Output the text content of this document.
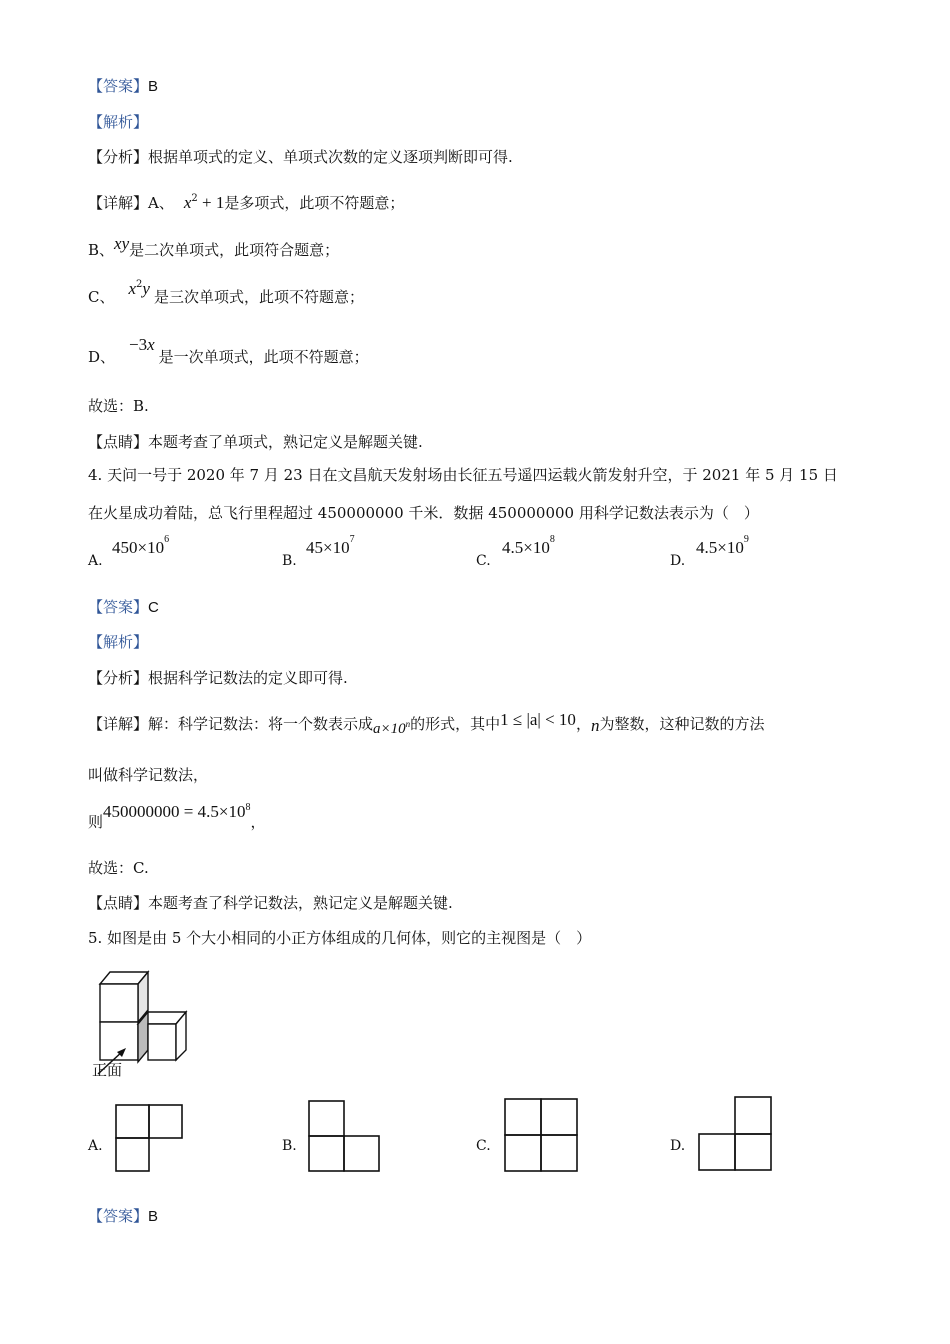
【答案】B
【解析】
【分析】根据单项式的定义、单项式次数的定义逐项判断即可得.
【详解】A、 $x^2 + 1$是多项式，此项不符题意；
B、xy是二次单项式，此项符合题意；
C、 $x^2y$ 是三次单项式，此项不符题意；
D、−3x是一次单项式，此项不符题意；
故选：B.
【点睛】本题考查了单项式，熟记定义是解题关键.
4. 天问一号于 2020 年 7 月 23 日在文昌航天发射场由长征五号遥四运载火箭发射升空，于 2021 年 5 月 15 日
在火星成功着陆，总飞行里程超过 450000000 千米．数据 450000000 用科学记数法表示为（　）
A.
$450\times 10^6$
B.
$45\times 10^7$
C.
$4.5\times 10^8$
D.
$4.5\times 10^9$
【答案】C
【解析】
【分析】根据科学记数法的定义即可得.
【详解】解：科学记数法：将一个数表示成$a\times 10^n$的形式，其中1 ≤ |a| < 10，n为整数，这种记数的方法
叫做科学记数法，
则$450000000 = 4.5\times 10^8$，
故选：C.
【点睛】本题考查了科学记数法，熟记定义是解题关键.
5. 如图是由 5 个大小相同的小正方体组成的几何体，则它的主视图是（　）
正面
A.	B.	C.	D.
【答案】B
